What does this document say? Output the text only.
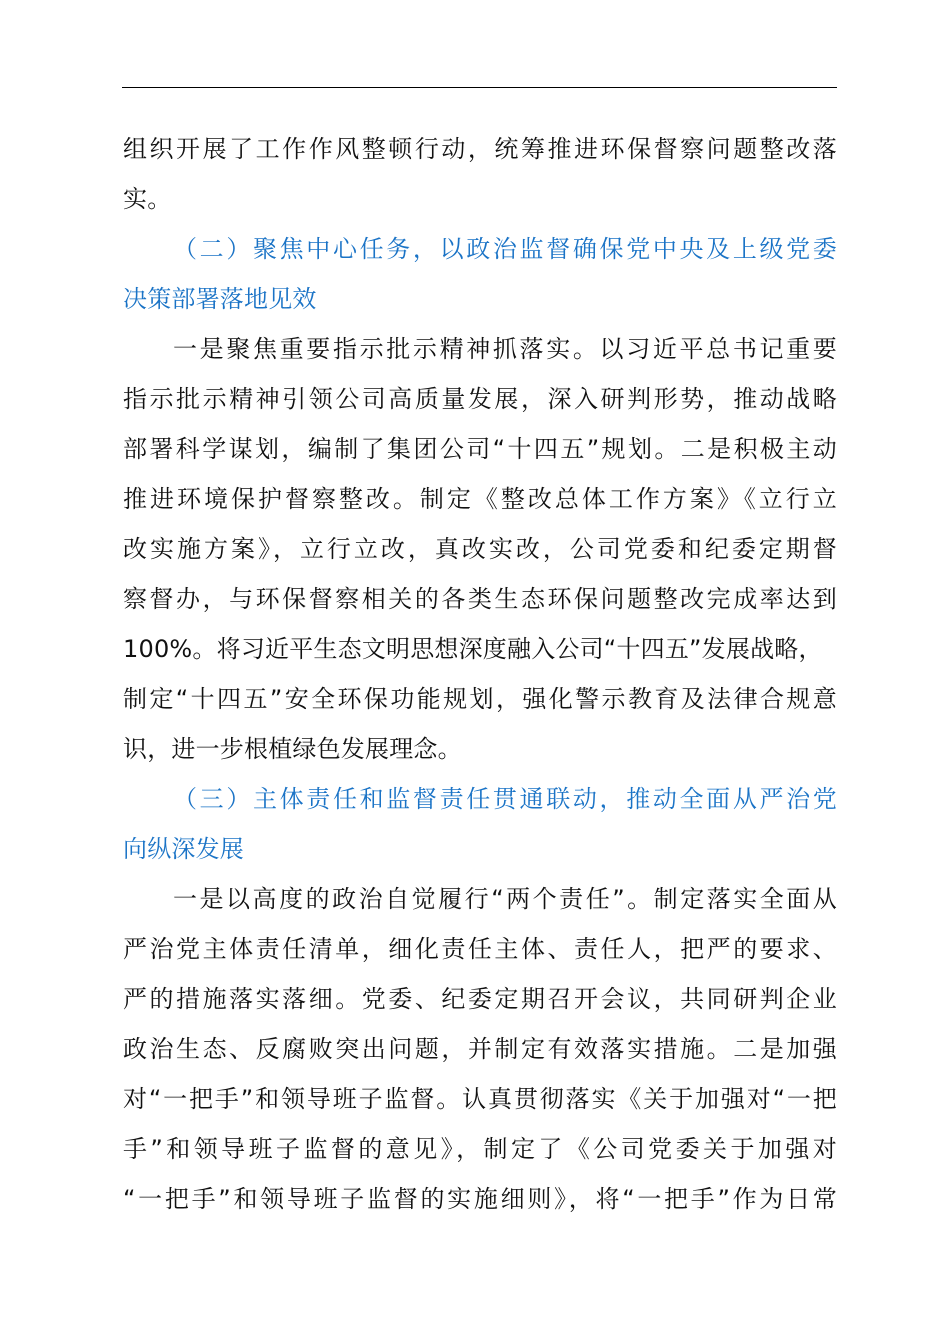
组织开展了工作作风整顿行动，统筹推进环保督察问题整改落
实。
（二）聚焦中心任务，以政治监督确保党中央及上级党委
决策部署落地见效
一是聚焦重要指示批示精神抓落实。以习近平总书记重要
指示批示精神引领公司高质量发展，深入研判形势，推动战略
部署科学谋划，编制了集团公司“十四五”规划。二是积极主动
推进环境保护督察整改。制定《整改总体工作方案》《立行立
改实施方案》，立行立改，真改实改，公司党委和纪委定期督
察督办，与环保督察相关的各类生态环保问题整改完成率达到
100%。将习近平生态文明思想深度融入公司“十四五”发展战略，
制定“十四五”安全环保功能规划，强化警示教育及法律合规意
识，进一步根植绿色发展理念。
（三）主体责任和监督责任贯通联动，推动全面从严治党
向纵深发展
一是以高度的政治自觉履行“两个责任”。制定落实全面从
严治党主体责任清单，细化责任主体、责任人，把严的要求、
严的措施落实落细。党委、纪委定期召开会议，共同研判企业
政治生态、反腐败突出问题，并制定有效落实措施。二是加强
对“一把手”和领导班子监督。认真贯彻落实《关于加强对“一把
手”和领导班子监督的意见》，制定了《公司党委关于加强对
“一把手”和领导班子监督的实施细则》，将“一把手”作为日常
